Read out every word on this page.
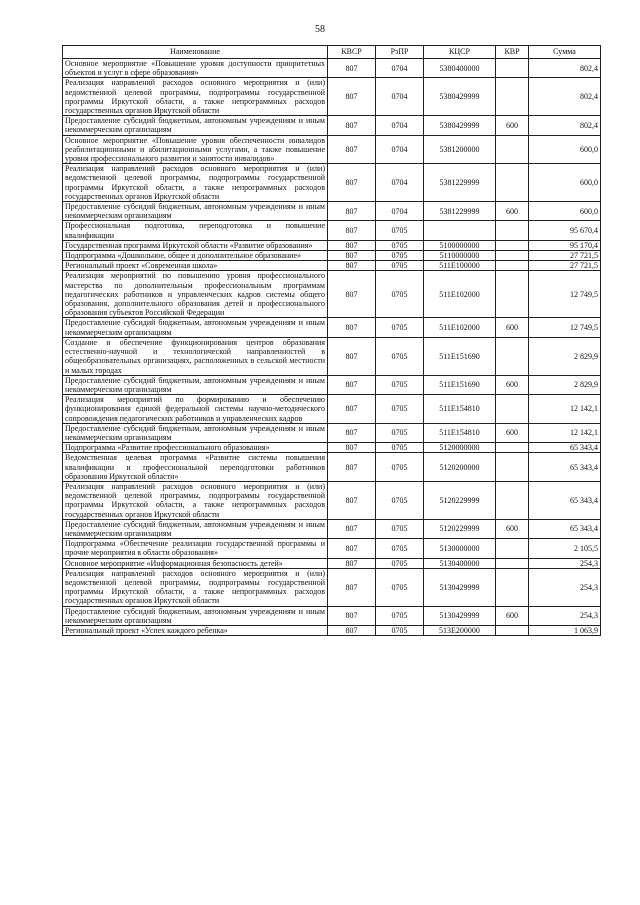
58
Наименование	КВСР	РзПР	КЦСР	КВР	Сумма
Основное мероприятие «Повышение уровня доступности приоритетных объектов и услуг в сфере образования»	807	0704	5380400000		802,4
Реализация направлений расходов основного мероприятия и (или) ведомственной целевой программы, подпрограммы государственной программы Иркутской области, а также непрограммных расходов государственных органов Иркутской области	807	0704	5380429999		802,4
Предоставление субсидий бюджетным, автономным учреждениям и иным некоммерческим организациям	807	0704	5380429999	600	802,4
Основное мероприятие «Повышение уровня обеспеченности инвалидов реабилитационными и абилитационными услугами, а также повышение уровня профессионального развития и занятости инвалидов»	807	0704	5381200000		600,0
Реализация направлений расходов основного мероприятия и (или) ведомственной целевой программы, подпрограммы государственной программы Иркутской области, а также непрограммных расходов государственных органов Иркутской области	807	0704	5381229999		600,0
Предоставление субсидий бюджетным, автономным учреждениям и иным некоммерческим организациям	807	0704	5381229999	600	600,0
Профессиональная подготовка, переподготовка и повышение квалификации	807	0705			95 670,4
Государственная программа Иркутской области «Развитие образования»	807	0705	5100000000		95 170,4
Подпрограмма «Дошкольное, общее и дополнительное образование»	807	0705	5110000000		27 721,5
Региональный проект «Современная школа»	807	0705	511E100000		27 721,5
Реализация мероприятий по повышению уровня профессионального мастерства по дополнительным профессиональным программам педагогических работников и управленческих кадров системы общего образования, дополнительного образования детей и профессионального образования субъектов Российской Федерации	807	0705	511E102000		12 749,5
Предоставление субсидий бюджетным, автономным учреждениям и иным некоммерческим организациям	807	0705	511E102000	600	12 749,5
Создание и обеспечение функционирования центров образования естественно-научной и технологической направленностей в общеобразовательных организациях, расположенных в сельской местности и малых городах	807	0705	511E151690		2 829,9
Предоставление субсидий бюджетным, автономным учреждениям и иным некоммерческим организациям	807	0705	511E151690	600	2 829,9
Реализация мероприятий по формированию и обеспечению функционирования единой федеральной системы научно-методического сопровождения педагогических работников и управленческих кадров	807	0705	511E154810		12 142,1
Предоставление субсидий бюджетным, автономным учреждениям и иным некоммерческим организациям	807	0705	511E154810	600	12 142,1
Подпрограмма «Развитие профессионального образования»	807	0705	5120000000		65 343,4
Ведомственная целевая программа «Развитие системы повышения квалификации и профессиональной переподготовки работников образования Иркутской области»	807	0705	5120200000		65 343,4
Реализация направлений расходов основного мероприятия и (или) ведомственной целевой программы, подпрограммы государственной программы Иркутской области, а также непрограммных расходов государственных органов Иркутской области	807	0705	5120229999		65 343,4
Предоставление субсидий бюджетным, автономным учреждениям и иным некоммерческим организациям	807	0705	5120229999	600	65 343,4
Подпрограмма «Обеспечение реализации государственной программы и прочие мероприятия в области образования»	807	0705	5130000000		2 105,5
Основное мероприятие «Информационная безопасность детей»	807	0705	5130400000		254,3
Реализация направлений расходов основного мероприятия и (или) ведомственной целевой программы, подпрограммы государственной программы Иркутской области, а также непрограммных расходов государственных органов Иркутской области	807	0705	5130429999		254,3
Предоставление субсидий бюджетным, автономным учреждениям и иным некоммерческим организациям	807	0705	5130429999	600	254,3
Региональный проект «Успех каждого ребенка»	807	0705	513E200000		1 063,9
